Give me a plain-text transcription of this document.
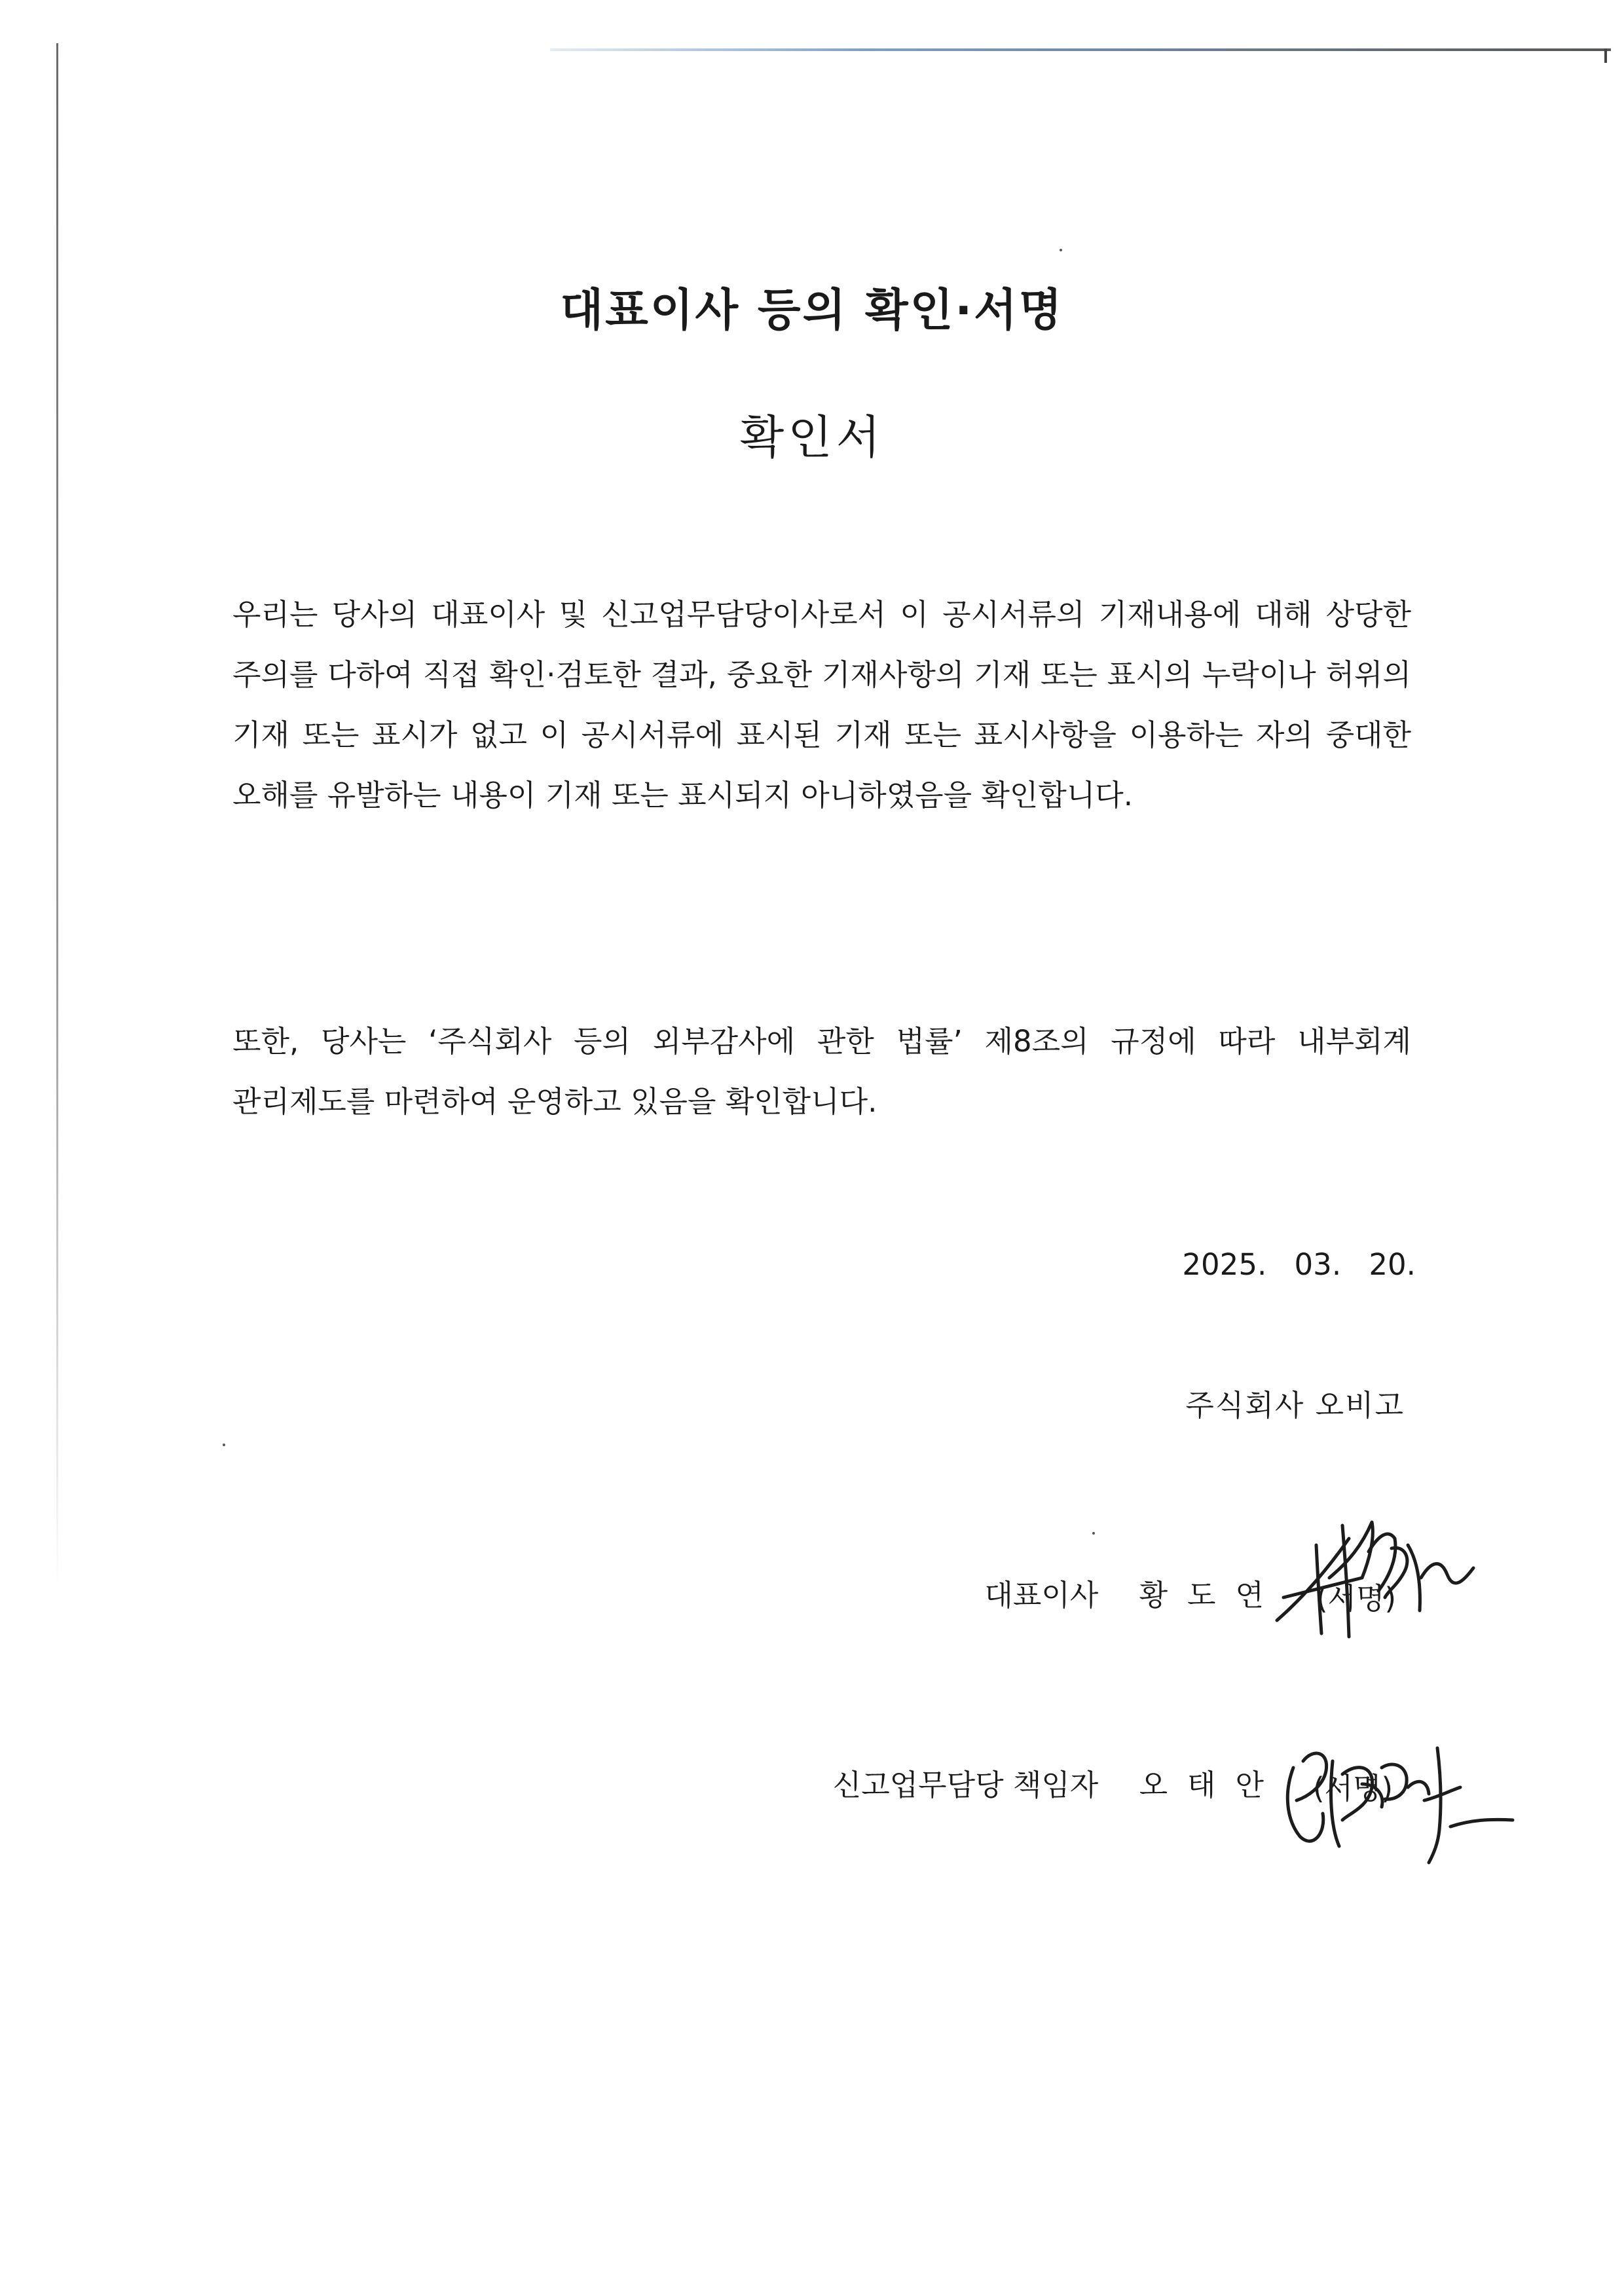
대표이사 등의 확인·서명
확인서

우리는 당사의 대표이사 및 신고업무담당이사로서 이 공시서류의 기재내용에 대해 상당한 주의를 다하여 직접 확인·검토한 결과, 중요한 기재사항의 기재 또는 표시의 누락이나 허위의 기재 또는 표시가 없고 이 공시서류에 표시된 기재 또는 표시사항을 이용하는 자의 중대한 오해를 유발하는 내용이 기재 또는 표시되지 아니하였음을 확인합니다.

또한, 당사는 ‘주식회사 등의 외부감사에 관한 법률’ 제8조의 규정에 따라 내부회계 관리제도를 마련하여 운영하고 있음을 확인합니다.

2025. 03. 20.
주식회사 오비고
대표이사 황도연 (서명)
신고업무담당 책임자 오태안 (서명)
